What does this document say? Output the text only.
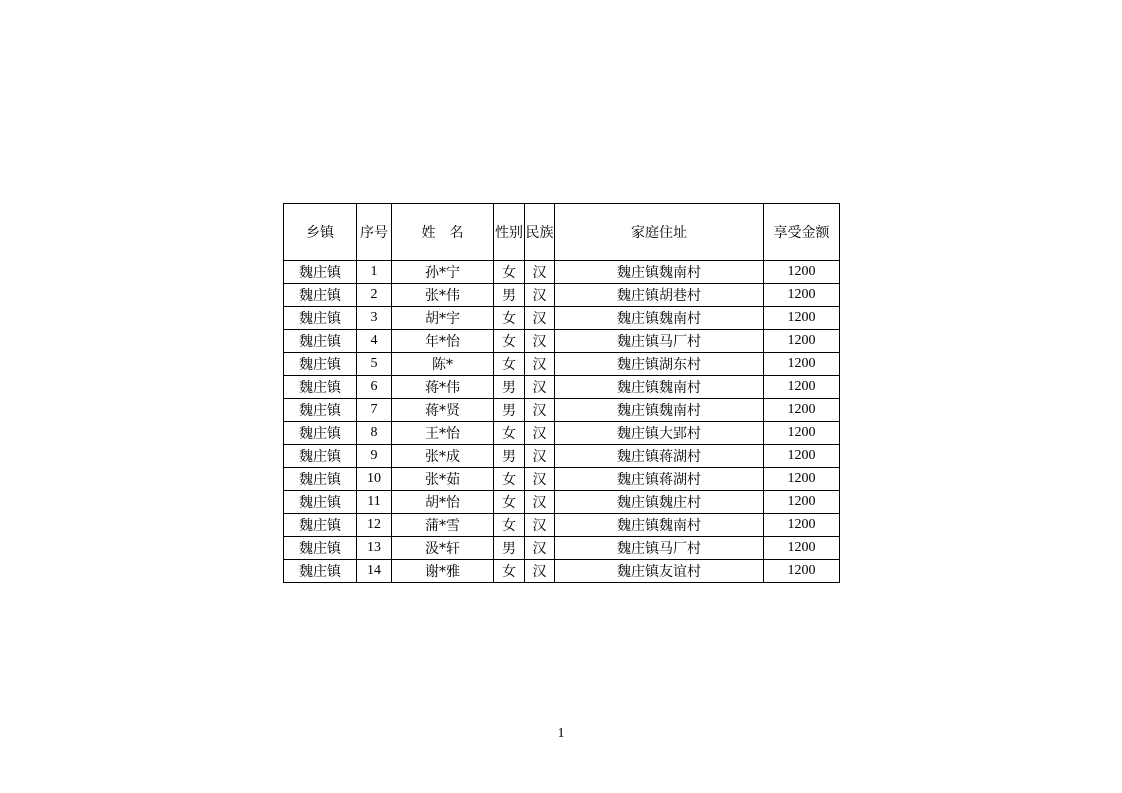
乡镇	序号	姓　名	性别	民族	家庭住址	享受金额
魏庄镇	1	孙*宁	女	汉	魏庄镇魏南村	1200
魏庄镇	2	张*伟	男	汉	魏庄镇胡巷村	1200
魏庄镇	3	胡*宇	女	汉	魏庄镇魏南村	1200
魏庄镇	4	年*怡	女	汉	魏庄镇马厂村	1200
魏庄镇	5	陈*	女	汉	魏庄镇湖东村	1200
魏庄镇	6	蒋*伟	男	汉	魏庄镇魏南村	1200
魏庄镇	7	蒋*贤	男	汉	魏庄镇魏南村	1200
魏庄镇	8	王*怡	女	汉	魏庄镇大郢村	1200
魏庄镇	9	张*成	男	汉	魏庄镇蒋湖村	1200
魏庄镇	10	张*茹	女	汉	魏庄镇蒋湖村	1200
魏庄镇	11	胡*怡	女	汉	魏庄镇魏庄村	1200
魏庄镇	12	蒲*雪	女	汉	魏庄镇魏南村	1200
魏庄镇	13	汲*轩	男	汉	魏庄镇马厂村	1200
魏庄镇	14	谢*雅	女	汉	魏庄镇友谊村	1200
1
